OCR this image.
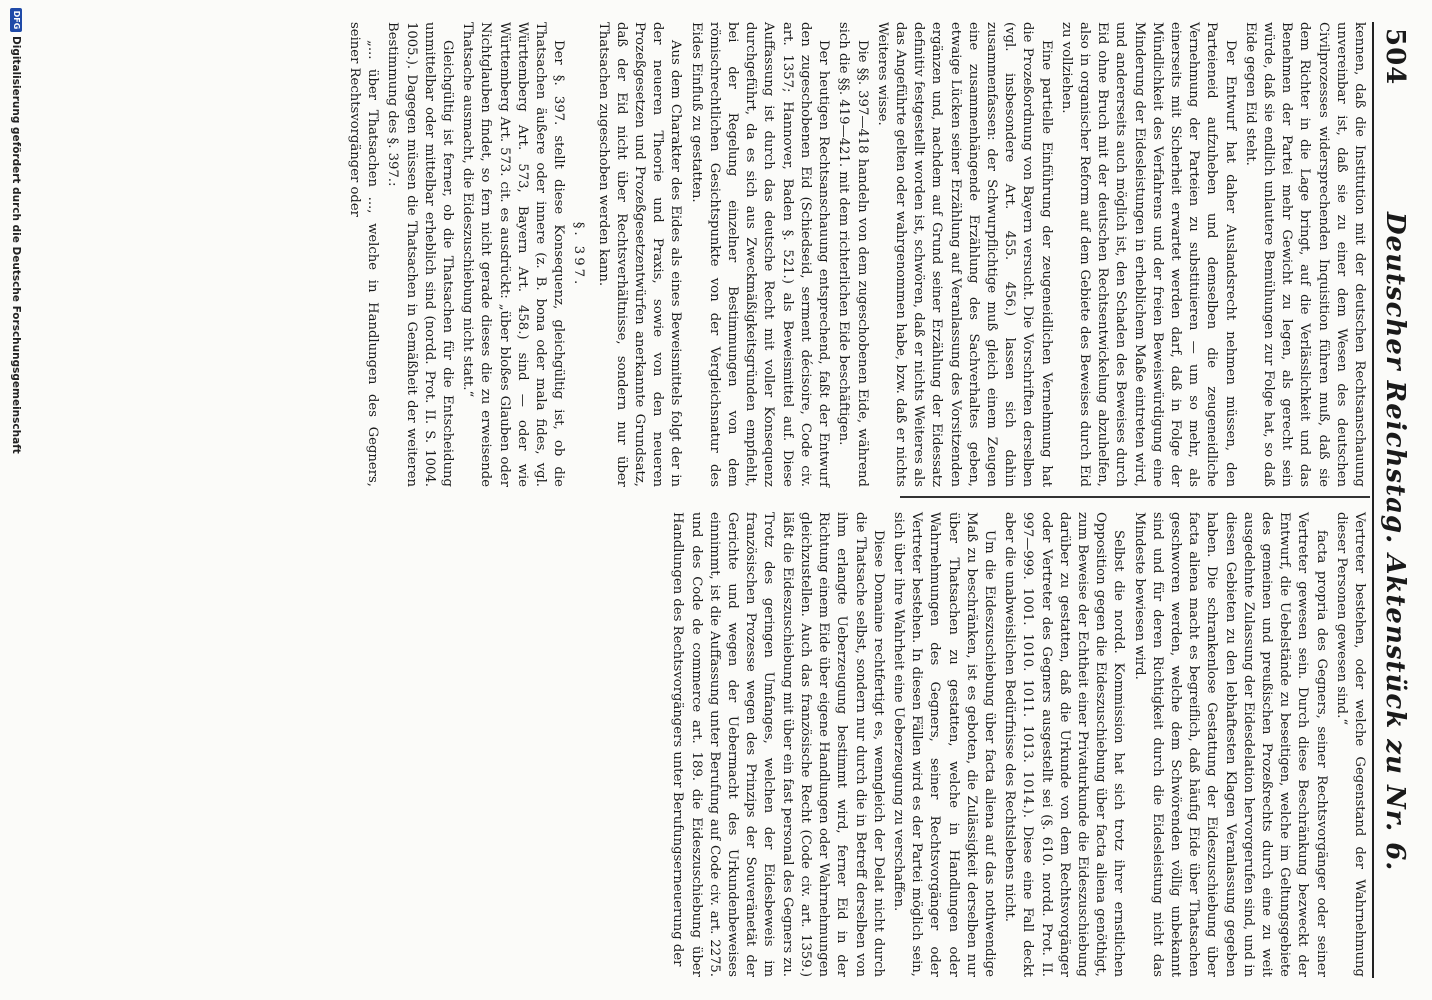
504
Deutscher Reichstag. Aktenstück zu Nr. 6.

kennen, daß die Institution mit der deutschen Rechtsanschauung unvereinbar ist, daß sie zu einer dem Wesen des deutschen Civilprozesses widersprechenden Inquisition führen muß, daß sie dem Richter in die Lage bringt, auf die Verlässlichkeit und das Benehmen der Partei mehr Gewicht zu legen, als gerecht sein würde, daß sie endlich unlautere Bemühungen zur Folge hat, so daß Eide gegen Eid steht.

Der Entwurf hat daher Auslandsrecht nehmen müssen, den Parteieneid aufzuheben und demselben die zeugeneidliche Vernehmung der Parteien zu substituieren — um so mehr, als einerseits mit Sicherheit erwartet werden darf, daß in Folge der Mündlichkeit des Verfahrens und der freien Beweiswürdigung eine Minderung der Eidesleistungen in erheblichem Maße eintreten wird, und andererseits auch möglich ist, den Schaden des Beweises durch Eid ohne Bruch mit der deutschen Rechtsentwickelung abzuhelfen, also in organischer Reform auf dem Gebiete des Beweises durch Eid zu vollziehen.

Eine partielle Einführung der zeugeneidlichen Vernehmung hat die Prozeßordnung von Bayern versucht. Die Vorschriften derselben (vgl. insbesondere Art. 455. 456.) lassen sich dahin zusammenfassen: der Schwurpflichtige muß gleich einem Zeugen eine zusammenhängende Erzählung des Sachverhaltes geben, etwaige Lücken seiner Erzählung auf Veranlassung des Vorsitzenden ergänzen und, nachdem auf Grund seiner Erzählung der Eidessatz definitiv festgestellt worden ist, schwören, daß er nichts Weiteres als das Angeführte gelten oder wahrgenommen habe, bzw. daß er nichts Weiteres wisse.

Die §§. 397—418 handeln von dem zugeschobenen Eide, während sich die §§. 419—421. mit dem richterlichen Eide beschäftigen.

Der heutigen Rechtsanschauung entsprechend, faßt der Entwurf den zugeschobenen Eid (Schiedseid, serment décisoire, Code civ. art. 1357; Hannover, Baden §. 521.) als Beweismittel auf. Diese Auffassung ist durch das deutsche Recht mit voller Konsequenz durchgeführt, da es sich aus Zweckmäßigkeitsgründen empfiehlt, bei der Regelung einzelner Bestimmungen von dem römischrechtlichen Gesichtspunkte von der Vergleichsnatur des Eides Einfluß zu gestatten.

Aus dem Charakter des Eides als eines Beweismittels folgt der in der neueren Theorie und Praxis, sowie von den neueren Prozeßgesetzen und Prozeßgesetzentwürfen anerkannte Grundsatz, daß der Eid nicht über Rechtsverhältnisse, sondern nur über Thatsachen zugeschoben werden kann.

§. 397.

Der §. 397. stellt diese Konsequenz, gleichgültig ist, ob die Thatsachen äußere oder innere (z. B. bona oder mala fides, vgl. Württemberg Art. 573, Bayern Art. 458.) sind — oder wie Württemberg Art. 573. cit. es ausdrückt: „über bloßes Glauben oder Nichtglauben findet, so fern nicht gerade dieses die zu erweisende Thatsache ausmacht, die Eideszuschiebung nicht statt.“

Gleichgültig ist ferner, ob die Thatsachen für die Entscheidung unmittelbar oder mittelbar erheblich sind (nordd. Prot. II. S. 1004. 1005.). Dagegen müssen die Thatsachen in Gemäßheit der weiteren Bestimmung des §. 397.:

„... über Thatsachen ..., welche in Handlungen des Gegners, seiner Rechtsvorgänger oder

Vertreter bestehen, oder welche Gegenstand der Wahrnehmung dieser Personen gewesen sind.“

facta propria des Gegners, seiner Rechtsvorgänger oder seiner Vertreter gewesen sein. Durch diese Beschränkung bezweckt der Entwurf, die Uebelstände zu beseitigen, welche im Geltungsgebiete des gemeinen und preußischen Prozeßrechts durch eine zu weit ausgedehnte Zulassung der Eidesdelation hervorgerufen sind, und in diesen Gebieten zu den lebhaftesten Klagen Veranlassung gegeben haben. Die schrankenlose Gestattung der Eideszuschiebung über facta aliena macht es begreiflich, daß häufig Eide über Thatsachen geschworen werden, welche dem Schwörenden völlig unbekannt sind und für deren Richtigkeit durch die Eidesleistung nicht das Mindeste bewiesen wird.

Selbst die nordd. Kommission hat sich trotz ihrer ernstlichen Opposition gegen die Eideszuschiebung über facta aliena genöthigt, zum Beweise der Echtheit einer Privaturkunde die Eideszuschiebung darüber zu gestatten, daß die Urkunde von dem Rechtsvorgänger oder Vertreter des Gegners ausgestellt sei (§. 610. nordd. Prot. II. 997—999. 1001. 1010. 1011. 1013. 1014.). Diese eine Fall deckt aber die unabweislichen Bedürfnisse des Rechtslebens nicht.

Um die Eideszuschiebung über facta aliena auf das nothwendige Maß zu beschränken, ist es geboten, die Zulässigkeit derselben nur über Thatsachen zu gestatten, welche in Handlungen oder Wahrnehmungen des Gegners, seiner Rechtsvorgänger oder Vertreter bestehen. In diesen Fällen wird es der Partei möglich sein, sich über ihre Wahrheit eine Ueberzeugung zu verschaffen.

Diese Domaine rechtfertigt es, wenngleich der Delat nicht durch die Thatsache selbst, sondern nur durch die in Betreff derselben von ihm erlangte Ueberzeugung bestimmt wird, ferner Eid in der Richtung einem Eide über eigene Handlungen oder Wahrnehmungen gleichzustellen. Auch das französische Recht (Code civ. art. 1359.) läßt die Eideszuschiebung mit über ein fast personal des Gegners zu. Trotz des geringen Umfanges, welchen der Eidesbeweis im französischen Prozesse wegen des Prinzips der Souveränetät der Gerichte und wegen der Uebermacht des Urkundenbeweises einnimmt, ist die Auffassung unter Berufung auf Code civ. art. 2275. und des Code de commerce art. 189. die Eideszuschiebung über Handlungen des Rechtsvorgängers unter Berufungserneuerung der

DFGDigitalisierung gefördert durch die Deutsche Forschungsgemeinschaft
